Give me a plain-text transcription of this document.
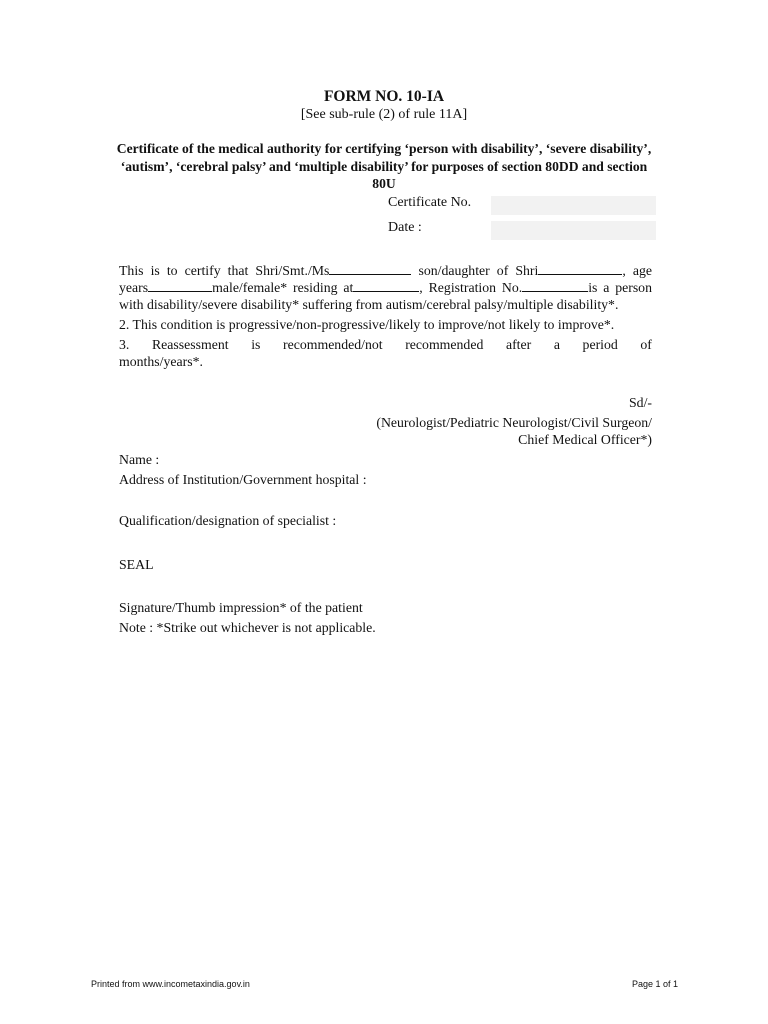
FORM NO. 10-IA
[See sub-rule (2) of rule 11A]
Certificate of the medical authority for certifying ‘person with disability’, ‘severe disability’, ‘autism’, ‘cerebral palsy’ and ‘multiple disability’ for purposes of section 80DD and section 80U
Certificate No.
Date :
This is to certify that Shri/Smt./Ms	son/daughter of Shri	, age
years	male/female* residing at	, Registration No.	is a person
with disability/severe disability* suffering from autism/cerebral palsy/multiple disability*.
2. This condition is progressive/non-progressive/likely to improve/not likely to improve*.
3. Reassessment is recommended/not recommended after a period of
months/years*.
Sd/-
(Neurologist/Pediatric Neurologist/Civil Surgeon/
Chief Medical Officer*)
Name :
Address of Institution/Government hospital :
Qualification/designation of specialist :
SEAL
Signature/Thumb impression* of the patient
Note : *Strike out whichever is not applicable.
Printed from www.incometaxindia.gov.in	Page 1 of 1
